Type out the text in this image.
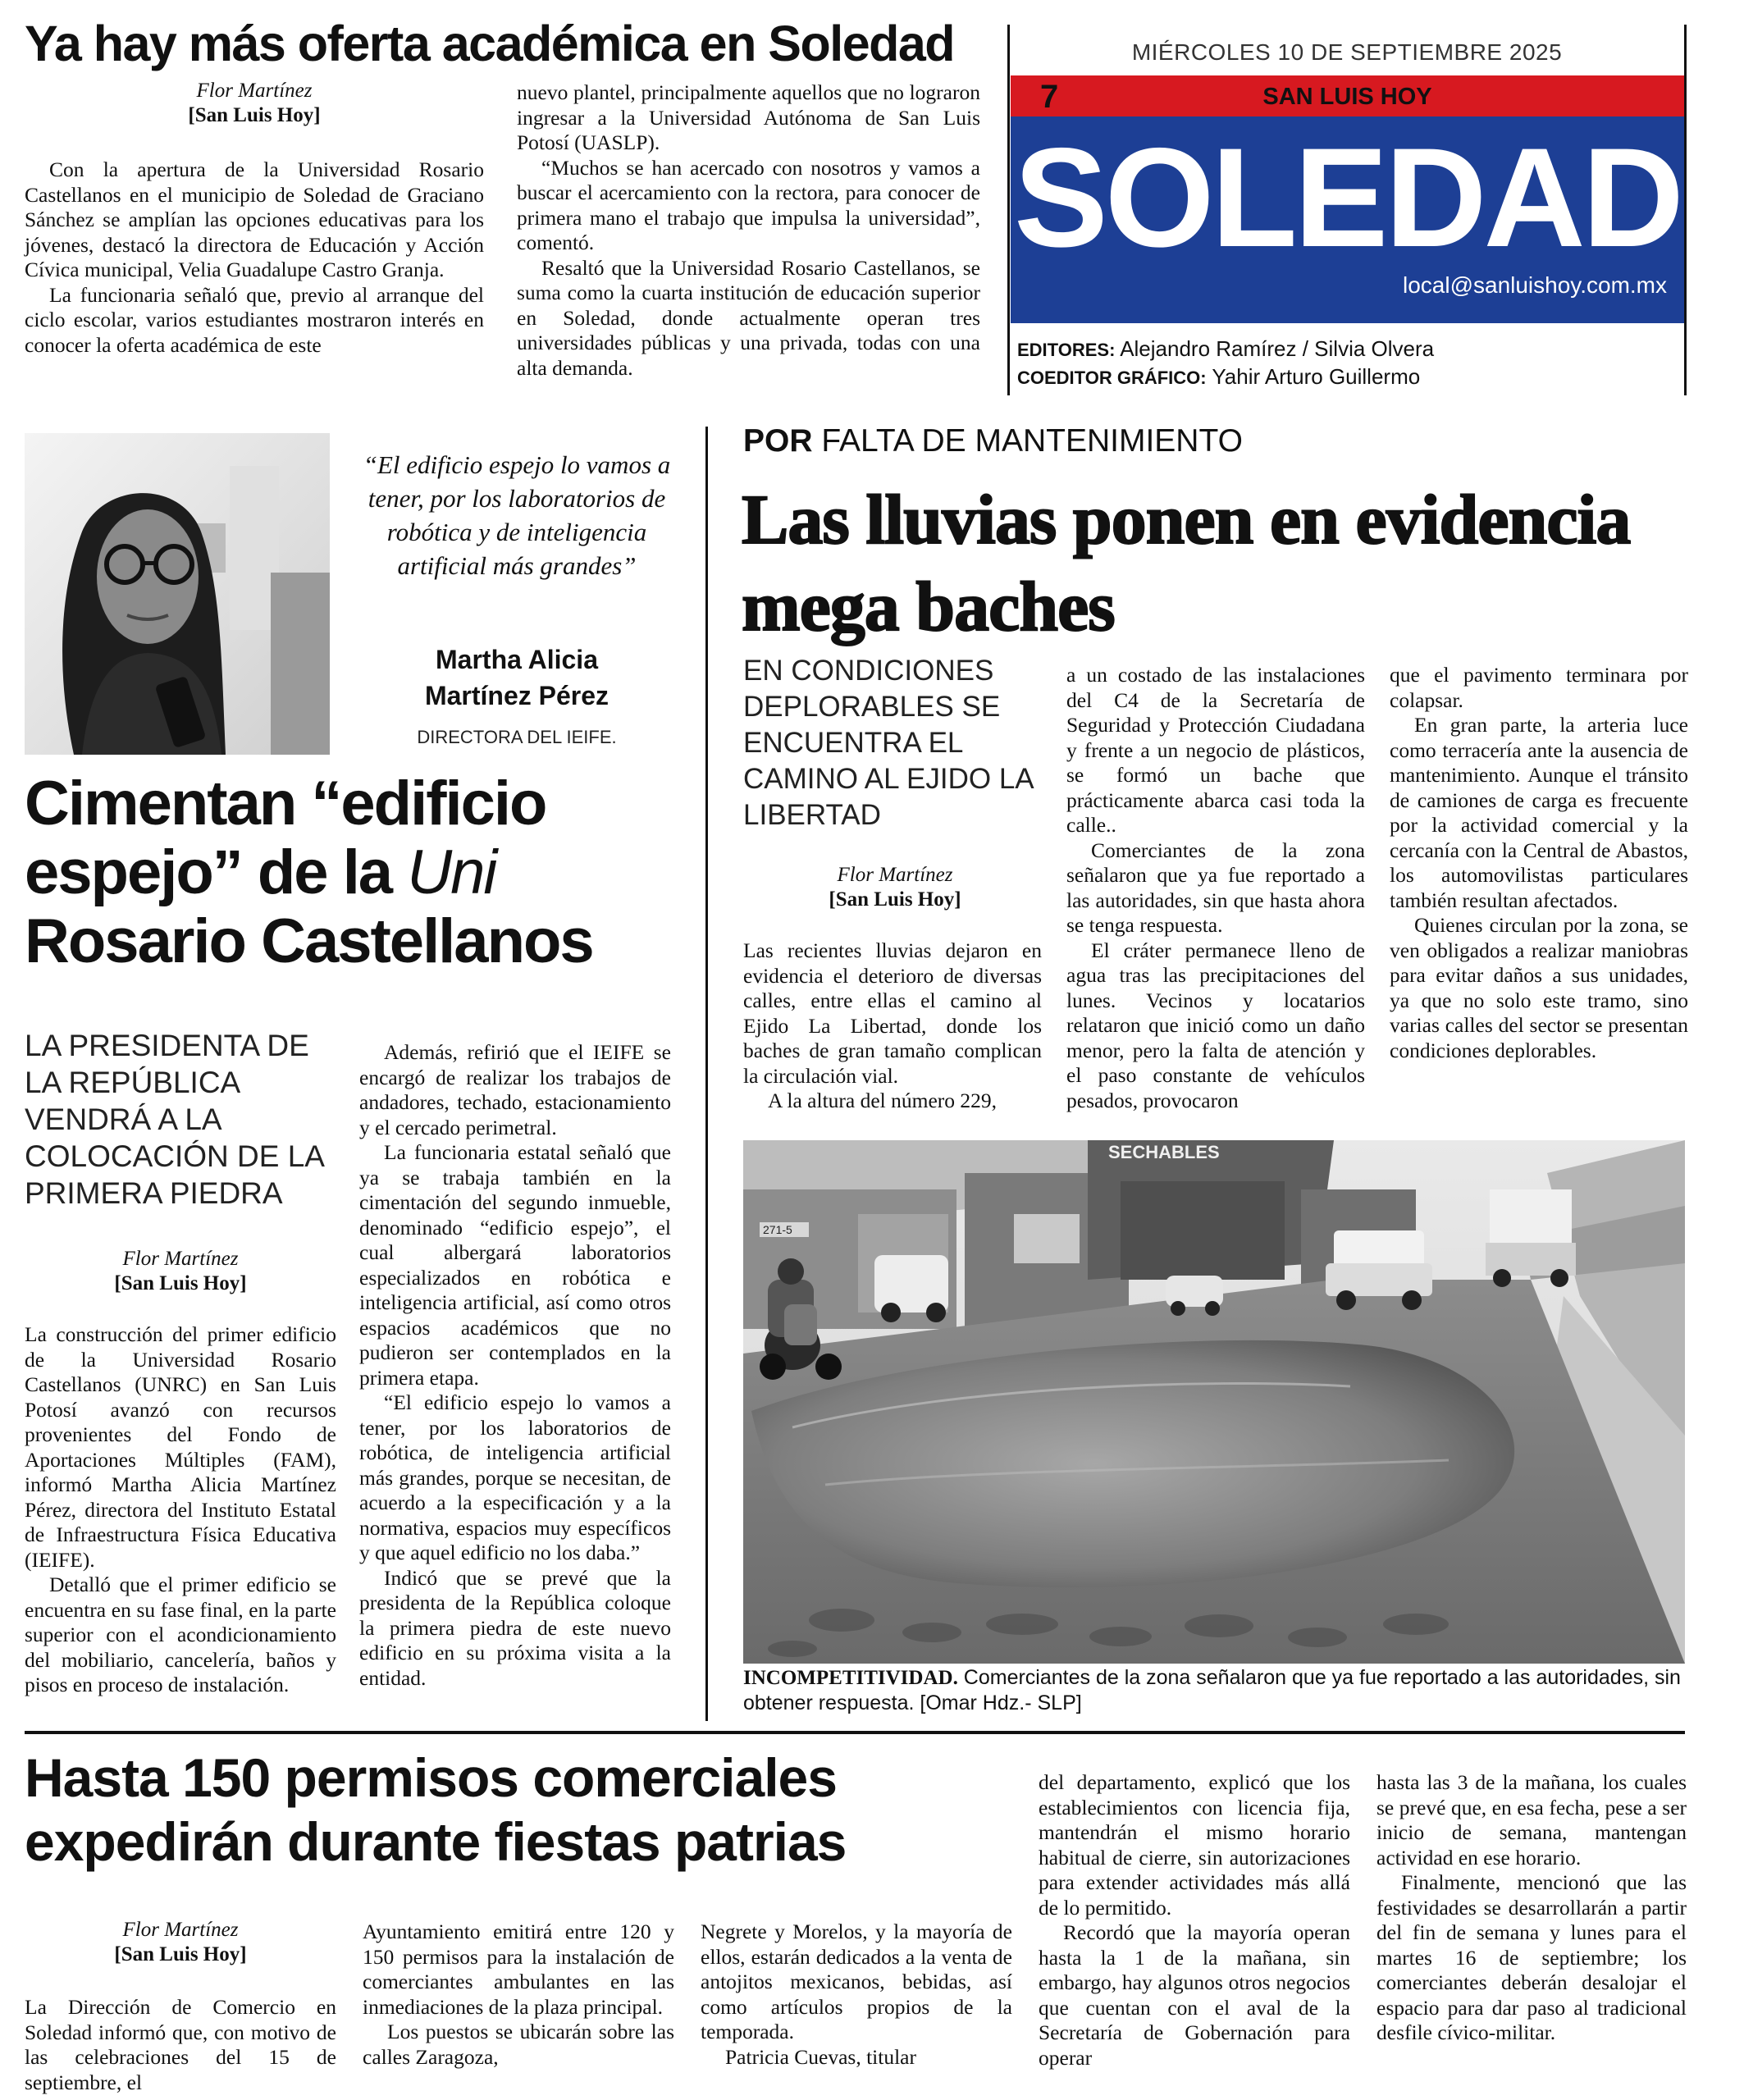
Ya hay más oferta académica en Soledad
Flor Martínez
[San Luis Hoy]

Con la apertura de la Universidad Rosario Castellanos en el municipio de Soledad de Graciano Sánchez se amplían las opciones educativas para los jóvenes, destacó la directora de Educación y Acción Cívica municipal, Velia Guadalupe Castro Granja.

La funcionaria señaló que, previo al arranque del ciclo escolar, varios estudiantes mostraron interés en conocer la oferta académica de este

nuevo plantel, principalmente aquellos que no lograron ingresar a la Universidad Autónoma de San Luis Potosí (UASLP).

“Muchos se han acercado con nosotros y vamos a buscar el acercamiento con la rectora, para conocer de primera mano el trabajo que impulsa la universidad”, comentó.

Resaltó que la Universidad Rosario Castellanos, se suma como la cuarta institución de educación superior en Soledad, donde actualmente operan tres universidades públicas y una privada, todas con una alta demanda.

MIÉRCOLES 10 DE SEPTIEMBRE 2025
7	SAN LUIS HOY
SOLEDAD
local@sanluishoy.com.mx
EDITORES: Alejandro Ramírez / Silvia Olvera
COEDITOR GRÁFICO: Yahir Arturo Guillermo
“El edificio espejo lo vamos a tener, por los laboratorios de robótica y de inteligencia artificial más grandes”
Martha Alicia Martínez Pérez
DIRECTORA DEL IEIFE.
Cimentan “edificio
espejo” de la Uni
Rosario Castellanos
LA PRESIDENTA DE LA REPÚBLICA VENDRÁ A LA COLOCACIÓN DE LA PRIMERA PIEDRA
Flor Martínez
[San Luis Hoy]

La construcción del primer edificio de la Universidad Rosario Castellanos (UNRC) en San Luis Potosí avanzó con recursos provenientes del Fondo de Aportaciones Múltiples (FAM), informó Martha Alicia Martínez Pérez, directora del Instituto Estatal de Infraestructura Física Educativa (IEIFE).

Detalló que el primer edificio se encuentra en su fase final, en la parte superior con el acondicionamiento del mobiliario, cancelería, baños y pisos en proceso de instalación.

Además, refirió que el IEIFE se encargó de realizar los trabajos de andadores, techado, estacionamiento y el cercado perimetral.

La funcionaria estatal señaló que ya se trabaja también en la cimentación del segundo inmueble, denominado “edificio espejo”, el cual albergará laboratorios especializados en robótica e inteligencia artificial, así como otros espacios académicos que no pudieron ser contemplados en la primera etapa.

“El edificio espejo lo vamos a tener, por los laboratorios de robótica, de inteligencia artificial más grandes, porque se necesitan, de acuerdo a la especificación y a la normativa, espacios muy específicos y que aquel edificio no los daba.”

Indicó que se prevé que la presidenta de la República coloque la primera piedra de este nuevo edificio en su próxima visita a la entidad.

POR FALTA DE MANTENIMIENTO
Las lluvias ponen en evidencia mega baches
EN CONDICIONES DEPLORABLES SE ENCUENTRA EL CAMINO AL EJIDO LA LIBERTAD
Flor Martínez
[San Luis Hoy]

Las recientes lluvias dejaron en evidencia el deterioro de diversas calles, entre ellas el camino al Ejido La Libertad, donde los baches de gran tamaño complican la circulación vial.

A la altura del número 229,

a un costado de las instalaciones del C4 de la Secretaría de Seguridad y Protección Ciudadana y frente a un negocio de plásticos, se formó un bache que prácticamente abarca casi toda la calle..

Comerciantes de la zona señalaron que ya fue reportado a las autoridades, sin que hasta ahora se tenga respuesta.

El cráter permanece lleno de agua tras las precipitaciones del lunes. Vecinos y locatarios relataron que inició como un daño menor, pero la falta de atención y el paso constante de vehículos pesados, provocaron

que el pavimento terminara por colapsar.

En gran parte, la arteria luce como terracería ante la ausencia de mantenimiento. Aunque el tránsito de camiones de carga es frecuente por la actividad comercial y la cercanía con la Central de Abastos, los automovilistas particulares también resultan afectados.

Quienes circulan por la zona, se ven obligados a realizar maniobras para evitar daños a sus unidades, ya que no solo este tramo, sino varias calles del sector se presentan condiciones deplorables.

271-5
SECHABLES
INCOMPETITIVIDAD. Comerciantes de la zona señalaron que ya fue reportado a las autoridades, sin obtener respuesta. [Omar Hdz.- SLP]
Hasta 150 permisos comerciales
expedirán durante fiestas patrias
Flor Martínez
[San Luis Hoy]

La Dirección de Comercio en Soledad informó que, con motivo de las celebraciones del 15 de septiembre, el

Ayuntamiento emitirá entre 120 y 150 permisos para la instalación de comerciantes ambulantes en las inmediaciones de la plaza principal.

Los puestos se ubicarán sobre las calles Zaragoza,

Negrete y Morelos, y la mayoría de ellos, estarán dedicados a la venta de antojitos mexicanos, bebidas, así como artículos propios de la temporada.

Patricia Cuevas, titular

del departamento, explicó que los establecimientos con licencia fija, mantendrán el mismo horario habitual de cierre, sin autorizaciones para extender actividades más allá de lo permitido.

Recordó que la mayoría operan hasta la 1 de la mañana, sin embargo, hay algunos otros negocios que cuentan con el aval de la Secretaría de Gobernación para operar

hasta las 3 de la mañana, los cuales se prevé que, en esa fecha, pese a ser inicio de semana, mantengan actividad en ese horario.

Finalmente, mencionó que las festividades se desarrollarán a partir del fin de semana y lunes para el martes 16 de septiembre; los comerciantes deberán desalojar el espacio para dar paso al tradicional desfile cívico-militar.
